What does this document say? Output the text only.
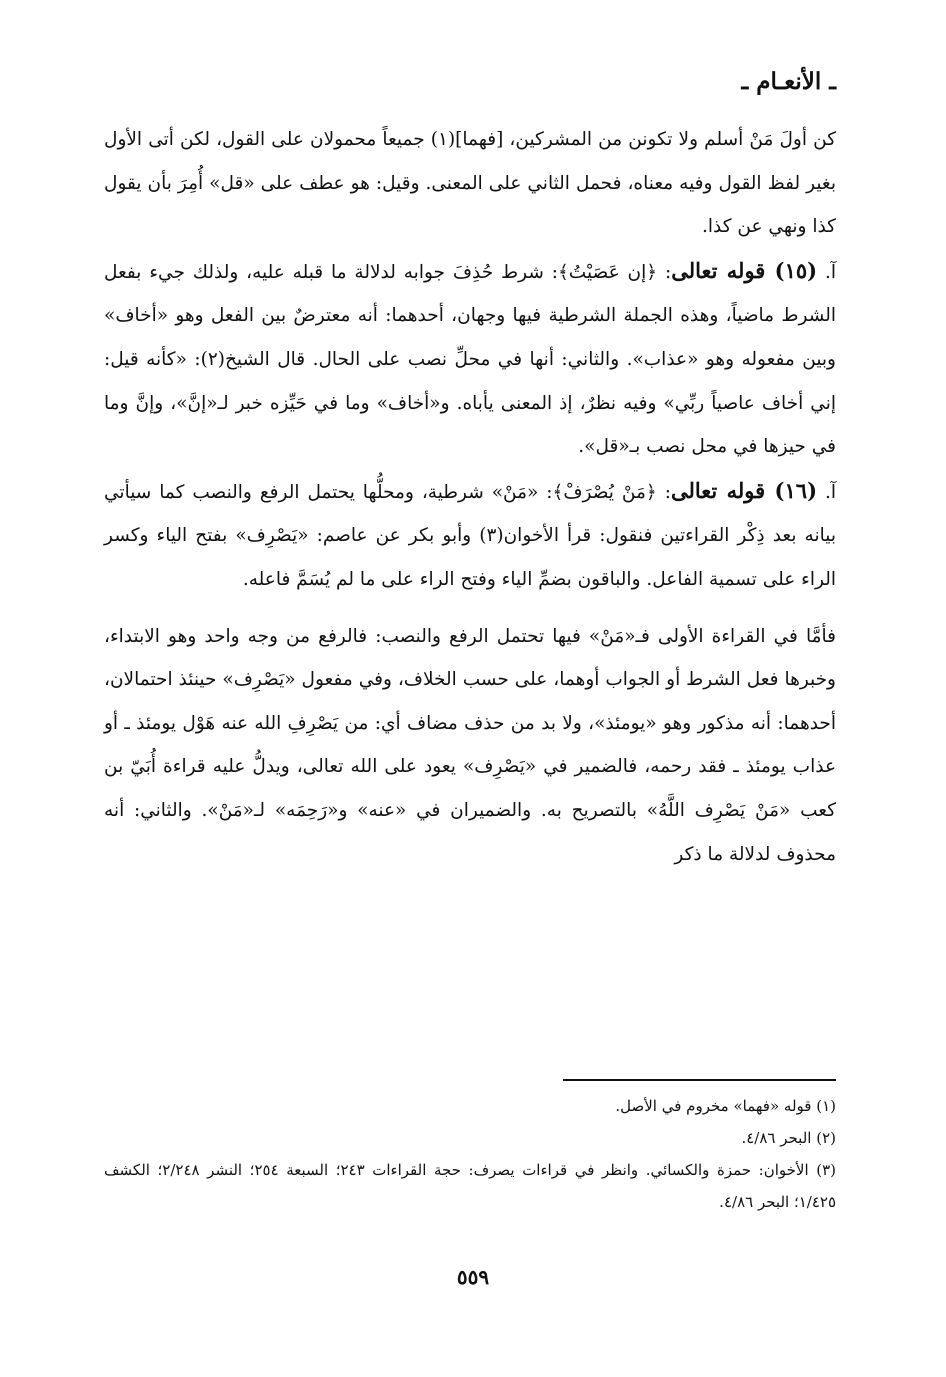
ـ الأنعـام ـ

كن أولَ مَنْ أسلم ولا تكونن من المشركين، [فهما](١) جميعاً محمولان على القول، لكن أتى الأول بغير لفظ القول وفيه معناه، فحمل الثاني على المعنى. وقيل: هو عطف على «قل» أُمِرَ بأن يقول كذا ونهي عن كذا.

آ. (١٥) قوله تعالى: ﴿إن عَصَيْتُ﴾: شرط حُذِفَ جوابه لدلالة ما قبله عليه، ولذلك جيء بفعل الشرط ماضياً، وهذه الجملة الشرطية فيها وجهان، أحدهما: أنه معترضٌ بين الفعل وهو «أخاف» وبين مفعوله وهو «عذاب». والثاني: أنها في محلِّ نصب على الحال. قال الشيخ(٢): «كأنه قيل: إني أخاف عاصياً ربِّي» وفيه نظرٌ، إذ المعنى يأباه. و«أخاف» وما في حَيِّزه خبر لـ«إنَّ»، وإنَّ وما في حيزها في محل نصب بـ«قل».

آ. (١٦) قوله تعالى: ﴿مَنْ يُصْرَفْ﴾: «مَنْ» شرطية، ومحلُّها يحتمل الرفع والنصب كما سيأتي بيانه بعد ذِكْر القراءتين فنقول: قرأ الأخوان(٣) وأبو بكر عن عاصم: «يَصْرِف» بفتح الياء وكسر الراء على تسمية الفاعل. والباقون بضمِّ الياء وفتح الراء على ما لم يُسَمَّ فاعله.

فأمَّا في القراءة الأولى فـ«مَنْ» فيها تحتمل الرفع والنصب: فالرفع من وجه واحد وهو الابتداء، وخبرها فعل الشرط أو الجواب أوهما، على حسب الخلاف، وفي مفعول «يَصْرِف» حينئذ احتمالان، أحدهما: أنه مذكور وهو «يومئذ»، ولا بد من حذف مضاف أي: من يَصْرِفِ الله عنه هَوْل يومئذ ـ أو عذاب يومئذ ـ فقد رحمه، فالضمير في «يَصْرِف» يعود على الله تعالى، ويدلُّ عليه قراءة أُبَيّ بن كعب «مَنْ يَصْرِف اللَّهُ» بالتصريح به. والضميران في «عنه» و«رَحِمَه» لـ«مَنْ». والثاني: أنه محذوف لدلالة ما ذكر

(١) قوله «فهما» مخروم في الأصل.

(٢) البحر ٤/٨٦.

(٣) الأخوان: حمزة والكسائي. وانظر في قراءات يصرف: حجة القراءات ٢٤٣؛ السبعة ٢٥٤؛ النشر ٢/٢٤٨؛ الكشف ١/٤٢٥؛ البحر ٤/٨٦.

٥٥٩
